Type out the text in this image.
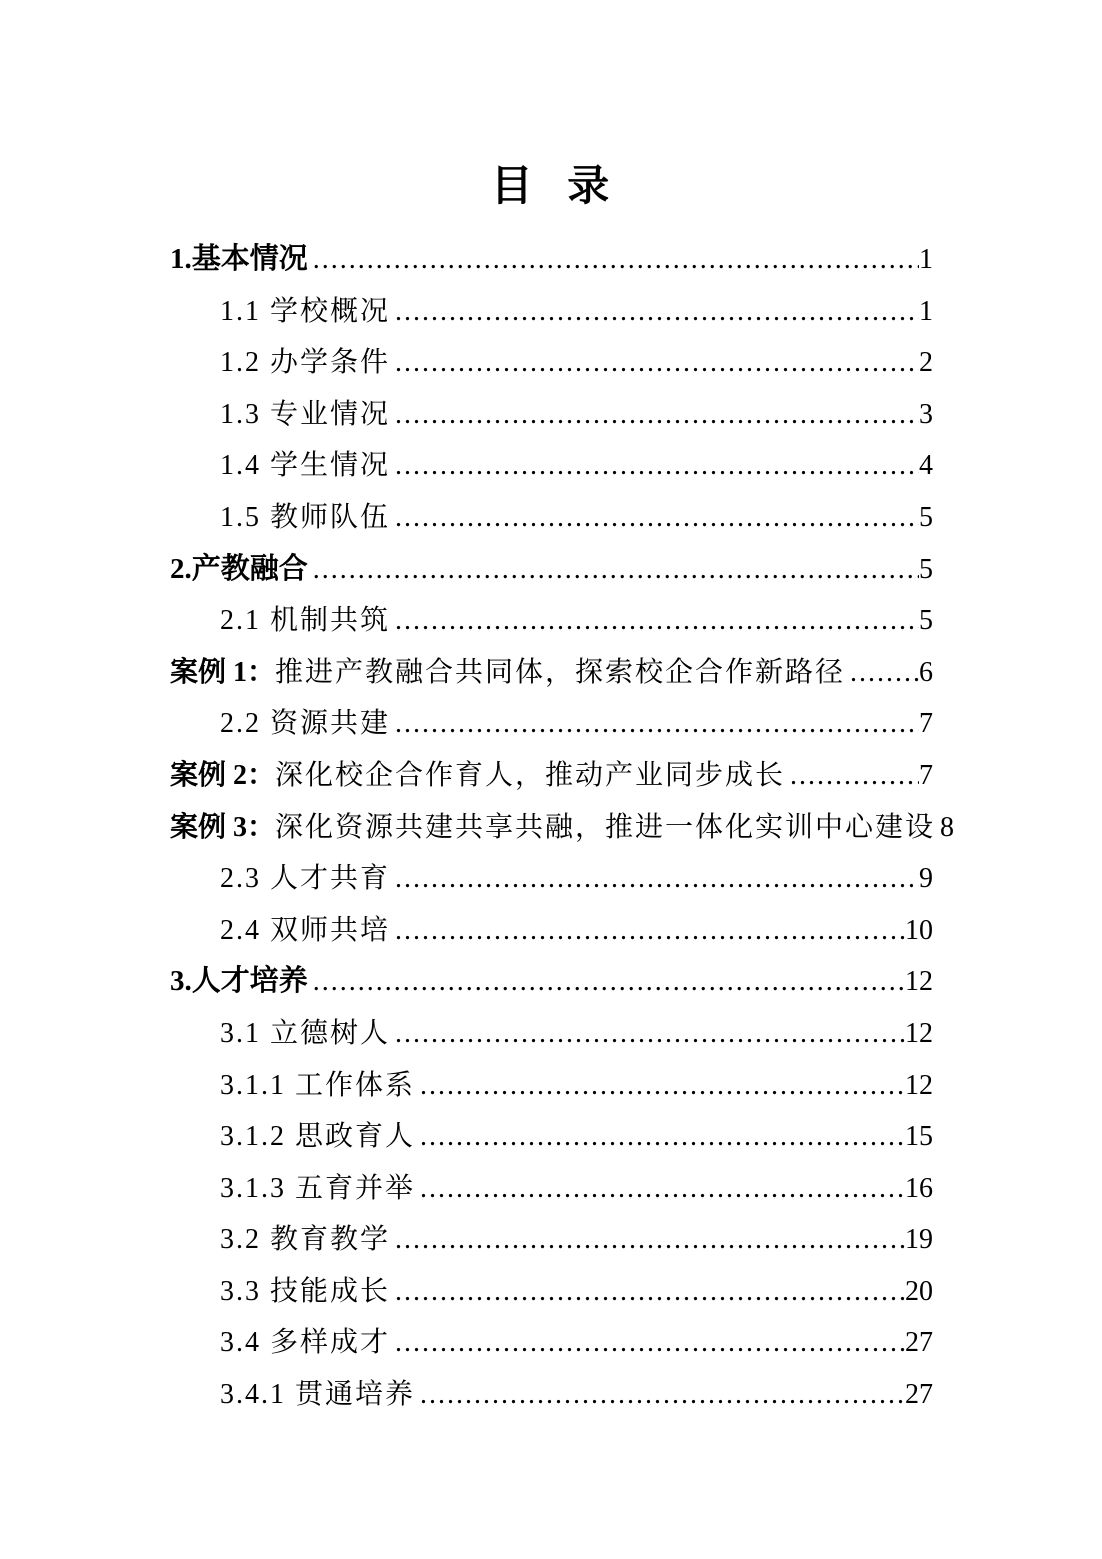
目 录
1.基本情况 .....	1
1.1 学校概况 .....	1
1.2 办学条件 .....	2
1.3 专业情况 .....	3
1.4 学生情况 .....	4
1.5 教师队伍 .....	5
2.产教融合 .....	5
2.1 机制共筑 .....	5
案例 1： 推进产教融合共同体，探索校企合作新路径 .....	6
2.2 资源共建 .....	7
案例 2： 深化校企合作育人，推动产业同步成长 .....	7
案例 3： 深化资源共建共享共融，推进一体化实训中心建设 8
2.3 人才共育 .....	9
2.4 双师共培 .....	10
3.人才培养 .....	12
3.1 立德树人 .....	12
3.1.1 工作体系 .....	12
3.1.2 思政育人 .....	15
3.1.3 五育并举 .....	16
3.2 教育教学 .....	19
3.3 技能成长 .....	20
3.4 多样成才 .....	27
3.4.1 贯通培养 .....	27
